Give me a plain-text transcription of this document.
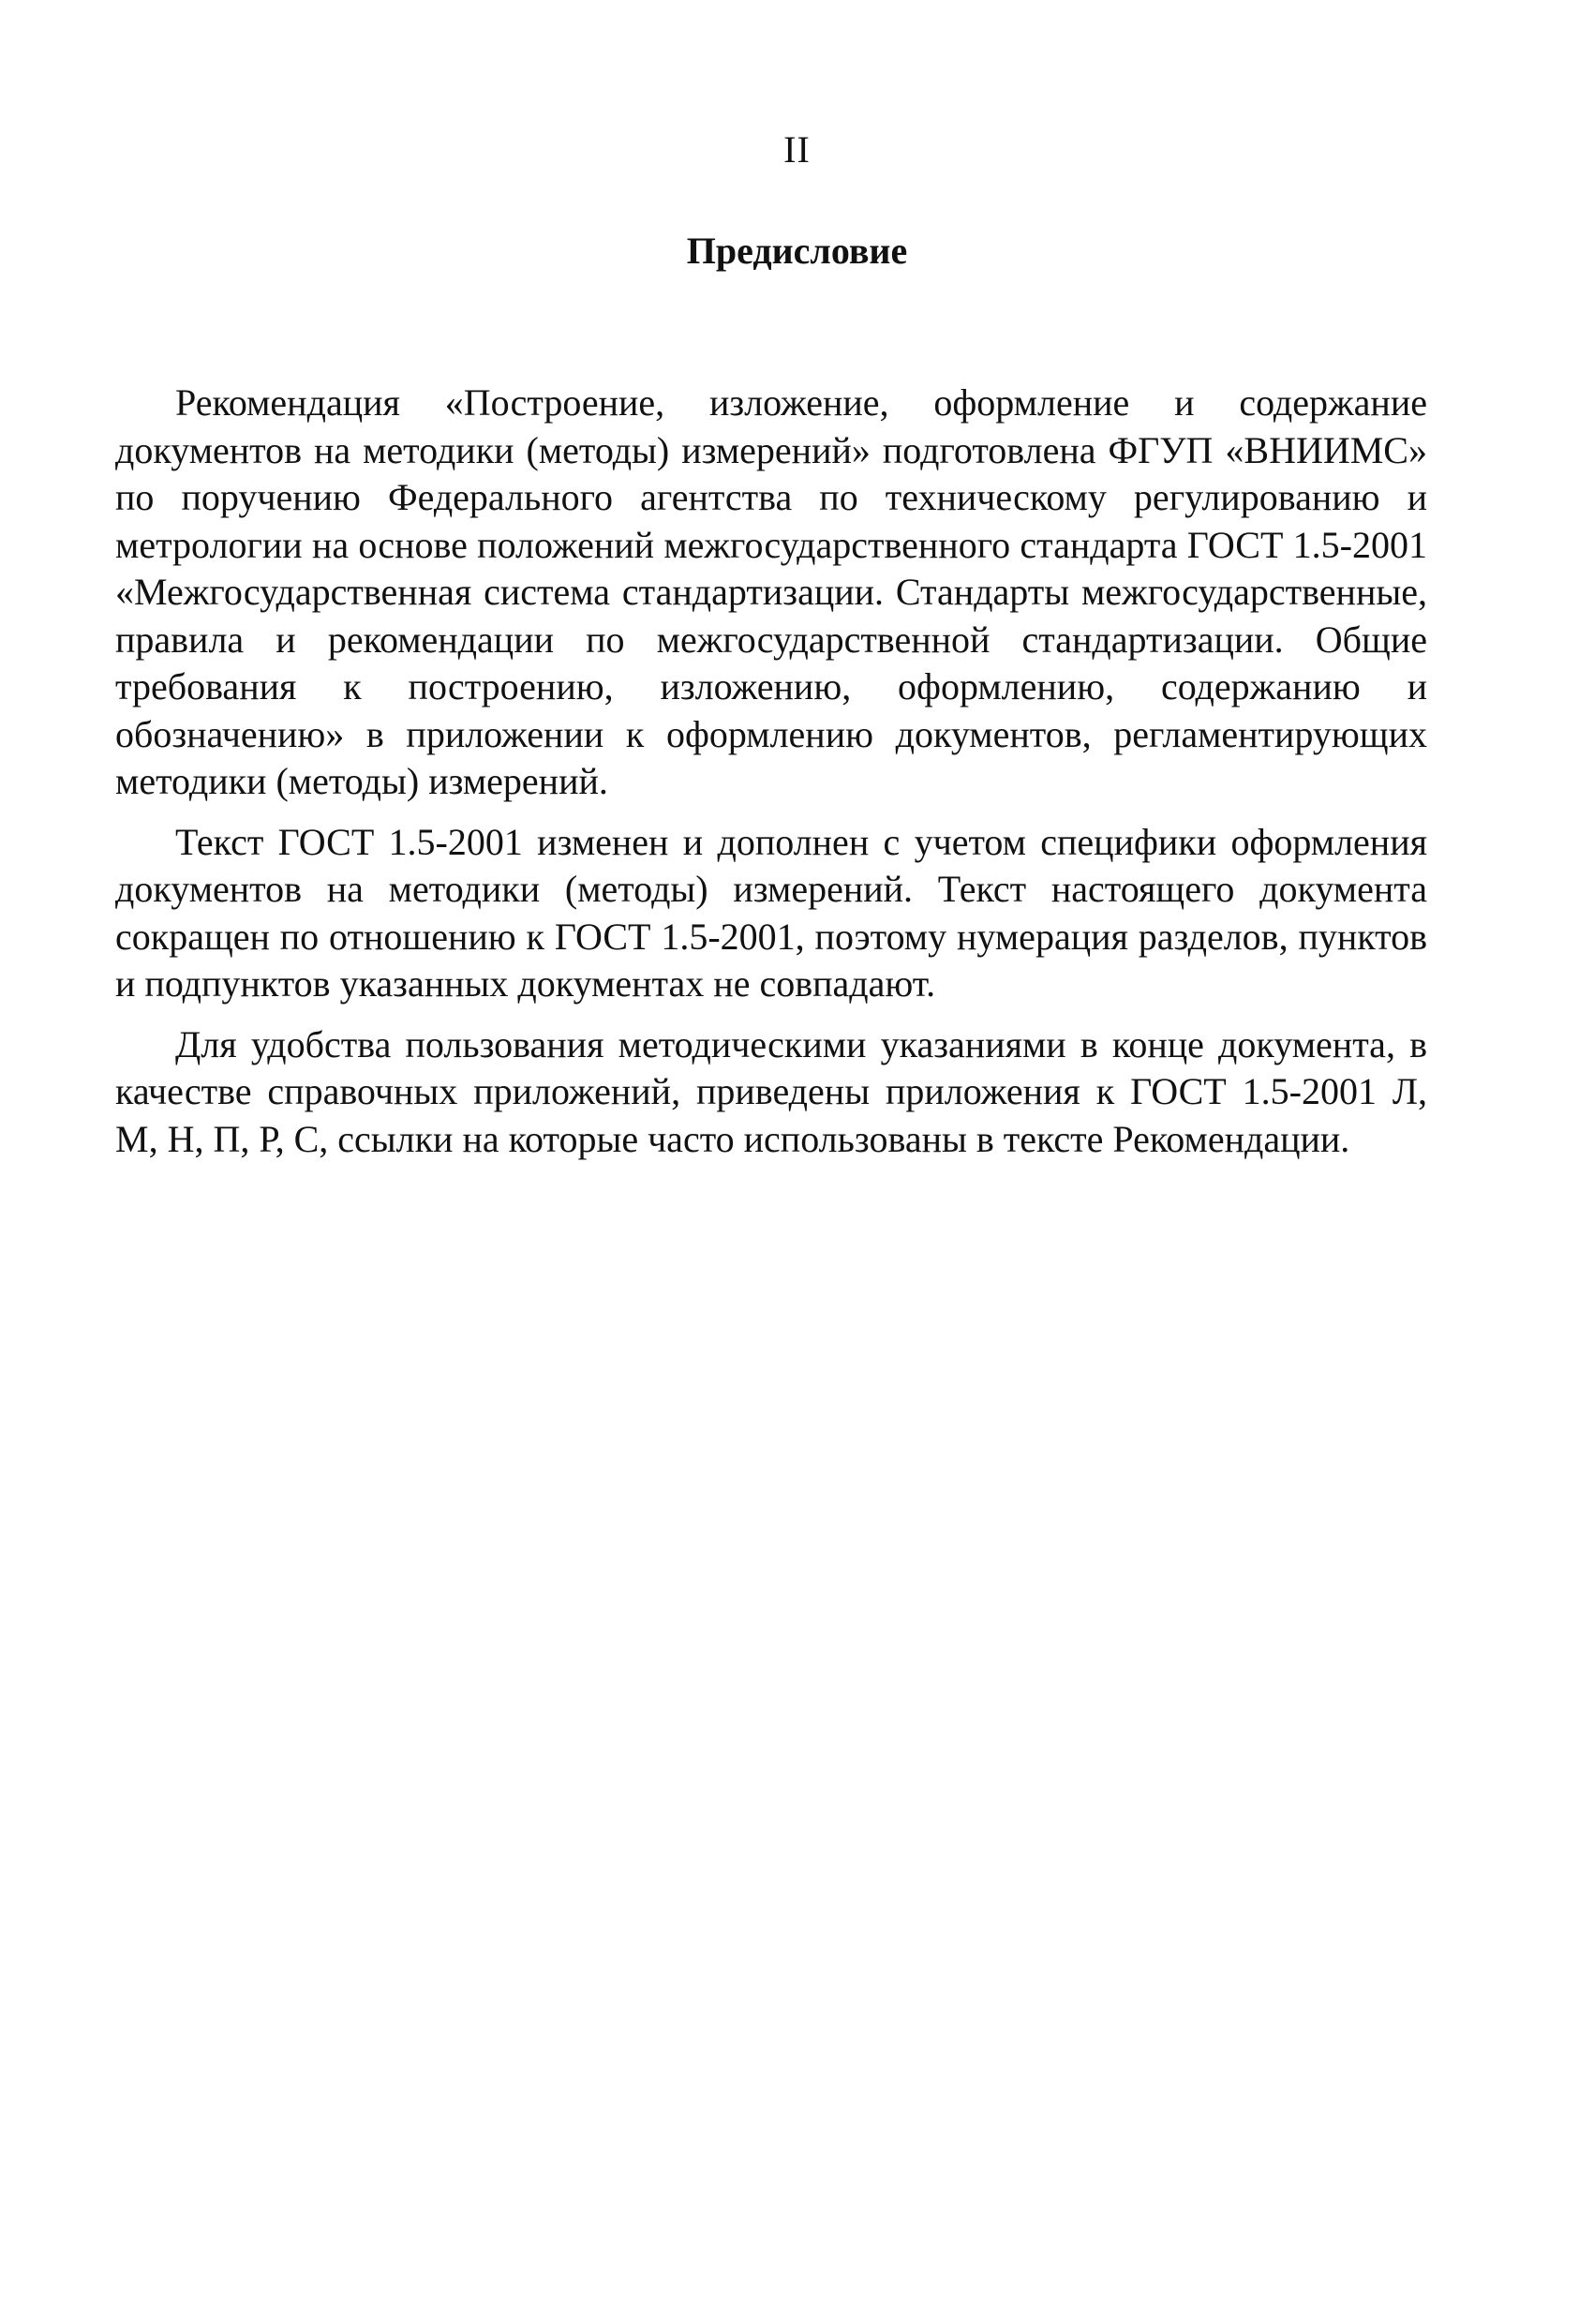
II
Предисловие

Рекомендация «Построение, изложение, оформление и содержание документов на методики (методы) измерений» подготовлена ФГУП «ВНИИМС» по поручению Федерального агентства по техническому регулированию и метрологии на основе положений межгосударственного стандарта ГОСТ 1.5-2001 «Межгосударственная система стандартизации. Стандарты межгосударственные, правила и рекомендации по межгосударственной стандартизации. Общие требования к построению, изложению, оформлению, содержанию и обозначению» в приложении к оформлению документов, регламентирующих методики (методы) измерений.

Текст ГОСТ 1.5-2001 изменен и дополнен с учетом специфики оформления документов на методики (методы) измерений. Текст настоящего документа сокращен по отношению к ГОСТ 1.5-2001, поэтому нумерация разделов, пунктов и подпунктов указанных документах не совпадают.

Для удобства пользования методическими указаниями в конце документа, в качестве справочных приложений, приведены приложения к ГОСТ 1.5-2001 Л, М, Н, П, Р, С, ссылки на которые часто использованы в тексте Рекомендации.
